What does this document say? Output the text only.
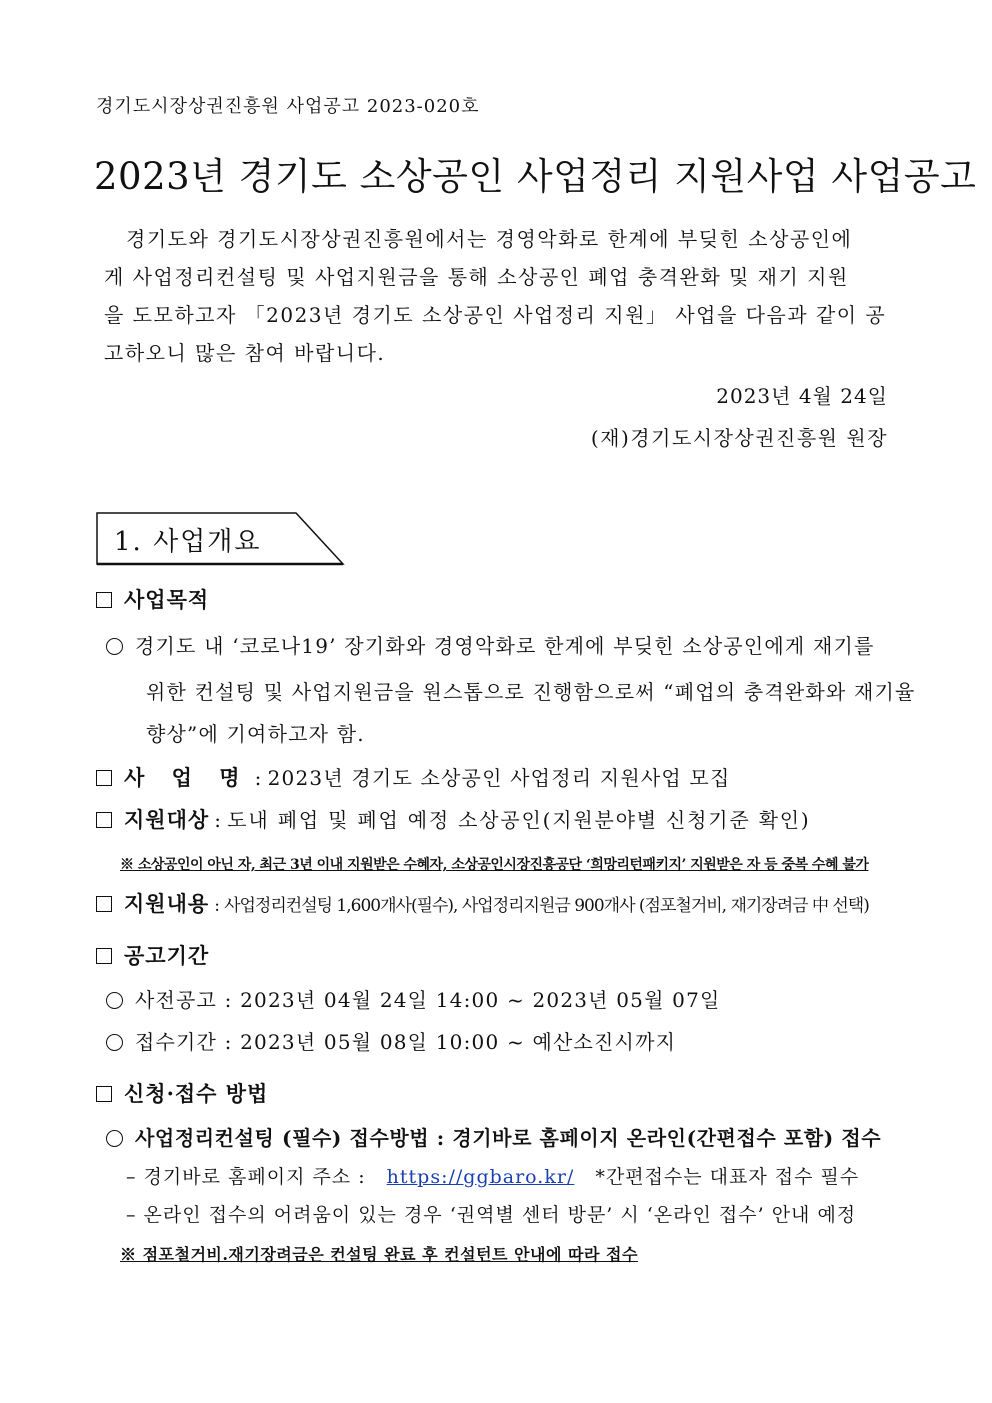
경기도시장상권진흥원 사업공고 2023-020호
2023년 경기도 소상공인 사업정리 지원사업 사업공고

경기도와 경기도시장상권진흥원에서는 경영악화로 한계에 부딪힌 소상공인에

게 사업정리컨설팅 및 사업지원금을 통해 소상공인 폐업 충격완화 및 재기 지원

을 도모하고자 「2023년 경기도 소상공인 사업정리 지원」 사업을 다음과 같이 공

고하오니 많은 참여 바랍니다.

2023년 4월 24일
(재)경기도시장상권진흥원 원장
1. 사업개요
사업목적
경기도 내 ‘코로나19’ 장기화와 경영악화로 한계에 부딪힌 소상공인에게 재기를
위한 컨설팅 및 사업지원금을 원스톱으로 진행함으로써 “폐업의 충격완화와 재기율
향상”에 기여하고자 함.
사 업 명 : 2023년 경기도 소상공인 사업정리 지원사업 모집
지원대상 : 도내 폐업 및 폐업 예정 소상공인(지원분야별 신청기준 확인)
※ 소상공인이 아닌 자, 최근 3년 이내 지원받은 수혜자, 소상공인시장진흥공단 ‘희망리턴패키지’ 지원받은 자 등 중복 수혜 불가
지원내용 : 사업정리컨설팅 1,600개사(필수), 사업정리지원금 900개사 (점포철거비, 재기장려금 中 선택)
공고기간
사전공고 : 2023년 04월 24일 14:00 ~ 2023년 05월 07일
접수기간 : 2023년 05월 08일 10:00 ~ 예산소진시까지
신청·접수 방법
사업정리컨설팅 (필수) 접수방법 : 경기바로 홈페이지 온라인(간편접수 포함) 접수
– 경기바로 홈페이지 주소 : https://ggbaro.kr/ *간편접수는 대표자 접수 필수
– 온라인 접수의 어려움이 있는 경우 ‘권역별 센터 방문’ 시 ‘온라인 접수’ 안내 예정
※ 점포철거비․재기장려금은 컨설팅 완료 후 컨설턴트 안내에 따라 접수
